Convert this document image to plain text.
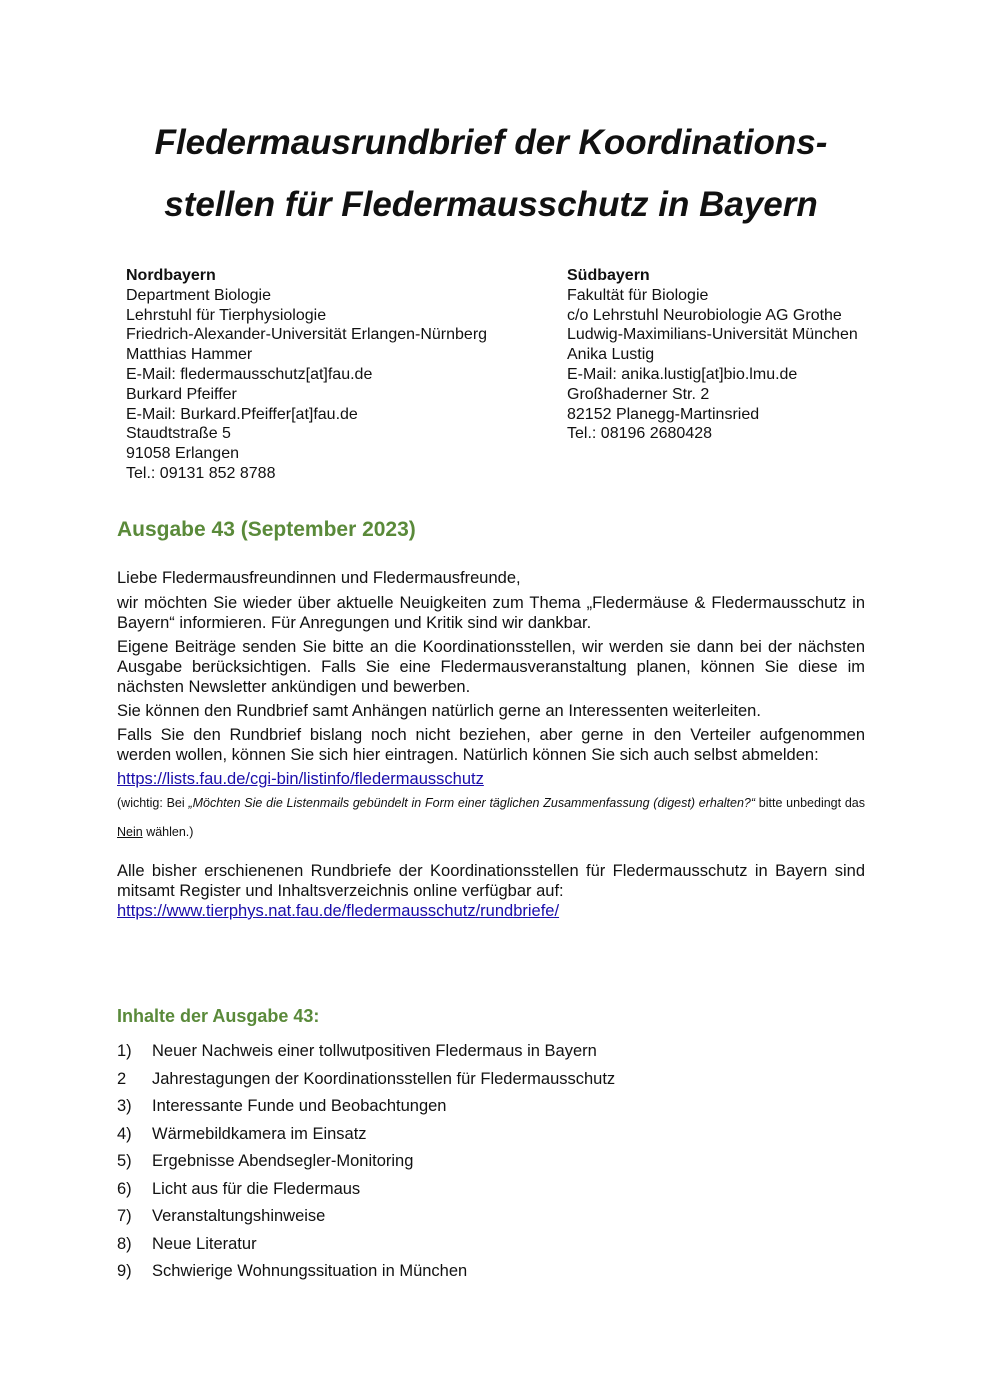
Fledermausrundbrief der Koordinations-
stellen für Fledermausschutz in Bayern
Nordbayern
Department Biologie
Lehrstuhl für Tierphysiologie
Friedrich-Alexander-Universität Erlangen-Nürnberg
Matthias Hammer
E-Mail: fledermausschutz[at]fau.de
Burkard Pfeiffer
E-Mail: Burkard.Pfeiffer[at]fau.de
Staudtstraße 5
91058 Erlangen
Tel.: 09131 852 8788
Südbayern
Fakultät für Biologie
c/o Lehrstuhl Neurobiologie AG Grothe
Ludwig-Maximilians-Universität München
Anika Lustig
E-Mail: anika.lustig[at]bio.lmu.de
Großhaderner Str. 2
82152 Planegg-Martinsried
Tel.: 08196 2680428
Ausgabe 43 (September 2023)

Liebe Fledermausfreundinnen und Fledermausfreunde,

wir möchten Sie wieder über aktuelle Neuigkeiten zum Thema „Fledermäuse & Fledermausschutz in Bayern“ informieren. Für Anregungen und Kritik sind wir dankbar.

Eigene Beiträge senden Sie bitte an die Koordinationsstellen, wir werden sie dann bei der nächsten Ausgabe berücksichtigen. Falls Sie eine Fledermausveranstaltung planen, können Sie diese im nächsten Newsletter ankündigen und bewerben.

Sie können den Rundbrief samt Anhängen natürlich gerne an Interessenten weiterleiten.

Falls Sie den Rundbrief bislang noch nicht beziehen, aber gerne in den Verteiler aufgenommen werden wollen, können Sie sich hier eintragen. Natürlich können Sie sich auch selbst abmelden:

https://lists.fau.de/cgi-bin/listinfo/fledermausschutz

(wichtig: Bei „Möchten Sie die Listenmails gebündelt in Form einer täglichen Zusammenfassung (digest) erhalten?“ bitte unbedingt das Nein wählen.)

Alle bisher erschienenen Rundbriefe der Koordinationsstellen für Fledermausschutz in Bayern sind mitsamt Register und Inhaltsverzeichnis online verfügbar auf:

https://www.tierphys.nat.fau.de/fledermausschutz/rundbriefe/

Inhalte der Ausgabe 43:
1)	Neuer Nachweis einer tollwutpositiven Fledermaus in Bayern
2	Jahrestagungen der Koordinationsstellen für Fledermausschutz
3)	Interessante Funde und Beobachtungen
4)	Wärmebildkamera im Einsatz
5)	Ergebnisse Abendsegler-Monitoring
6)	Licht aus für die Fledermaus
7)	Veranstaltungshinweise
8)	Neue Literatur
9)	Schwierige Wohnungssituation in München
